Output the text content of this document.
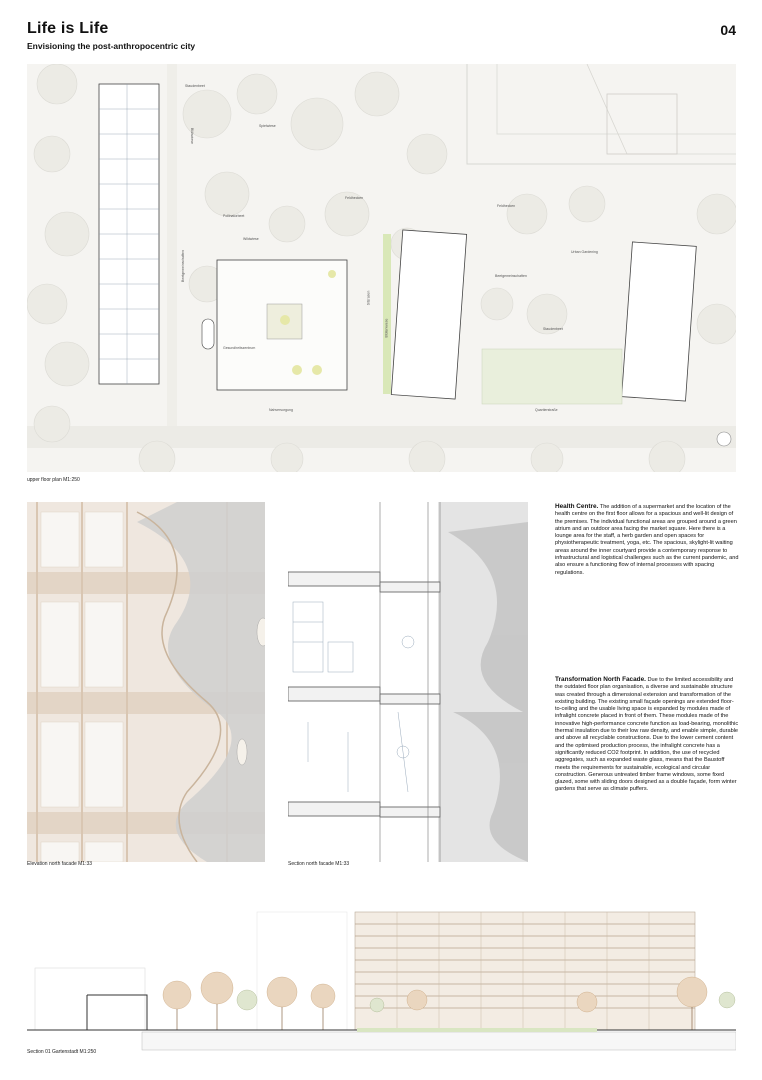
Life is Life
Envisioning the post-anthropocentric city
04
Staudenbeet
Spielwiese
Blühwiese
Feldhecken
Feldhecken
Pollinatorbeet
Wildwiese
Beetgemeinschaften	Urban Gardening
Beetgemeinschaften
Sitzrasen
Blütenwiese	Staudenbeet
Gesundheitszentrum
Nahversorgung	Quartierstraße
upper floor plan M1:250
Elevation north facade M1:33	Section north facade M1:33
Health Centre. The addition of a supermarket and the location of the health centre on the first floor allows for a spacious and well-lit design of the premises. The individual functional areas are grouped around a green atrium and an outdoor area facing the market square. Here there is a lounge area for the staff, a herb garden and open spaces for physiotherapeutic treatment, yoga, etc. The spacious, skylight-lit waiting areas around the inner courtyard provide a contemporary response to infrastructural and logistical challenges such as the current pandemic, and also ensure a functioning flow of internal processes with spacing regulations.
Transformation North Facade. Due to the limited accessibility and the outdated floor plan organisation, a diverse and sustainable structure was created through a dimensional extension and transformation of the existing building. The existing small façade openings are extended floor-to-ceiling and the usable living space is expanded by modules made of infralight concrete placed in front of them. These modules made of the innovative high-performance concrete function as load-bearing, monolithic thermal insulation due to their low raw density, and enable simple, durable and above all recyclable constructions. Due to the lower cement content and the optimised production process, the infralight concrete has a significantly reduced CO2 footprint. In addition, the use of recycled aggregates, such as expanded waste glass, means that the Baustoff meets the requirements for sustainable, ecological and circular construction. Generous untreated timber frame windows, some fixed glazed, some with sliding doors designed as a double façade, form winter gardens that serve as climate puffers.
Section 01 Gartenstadt M1:250
